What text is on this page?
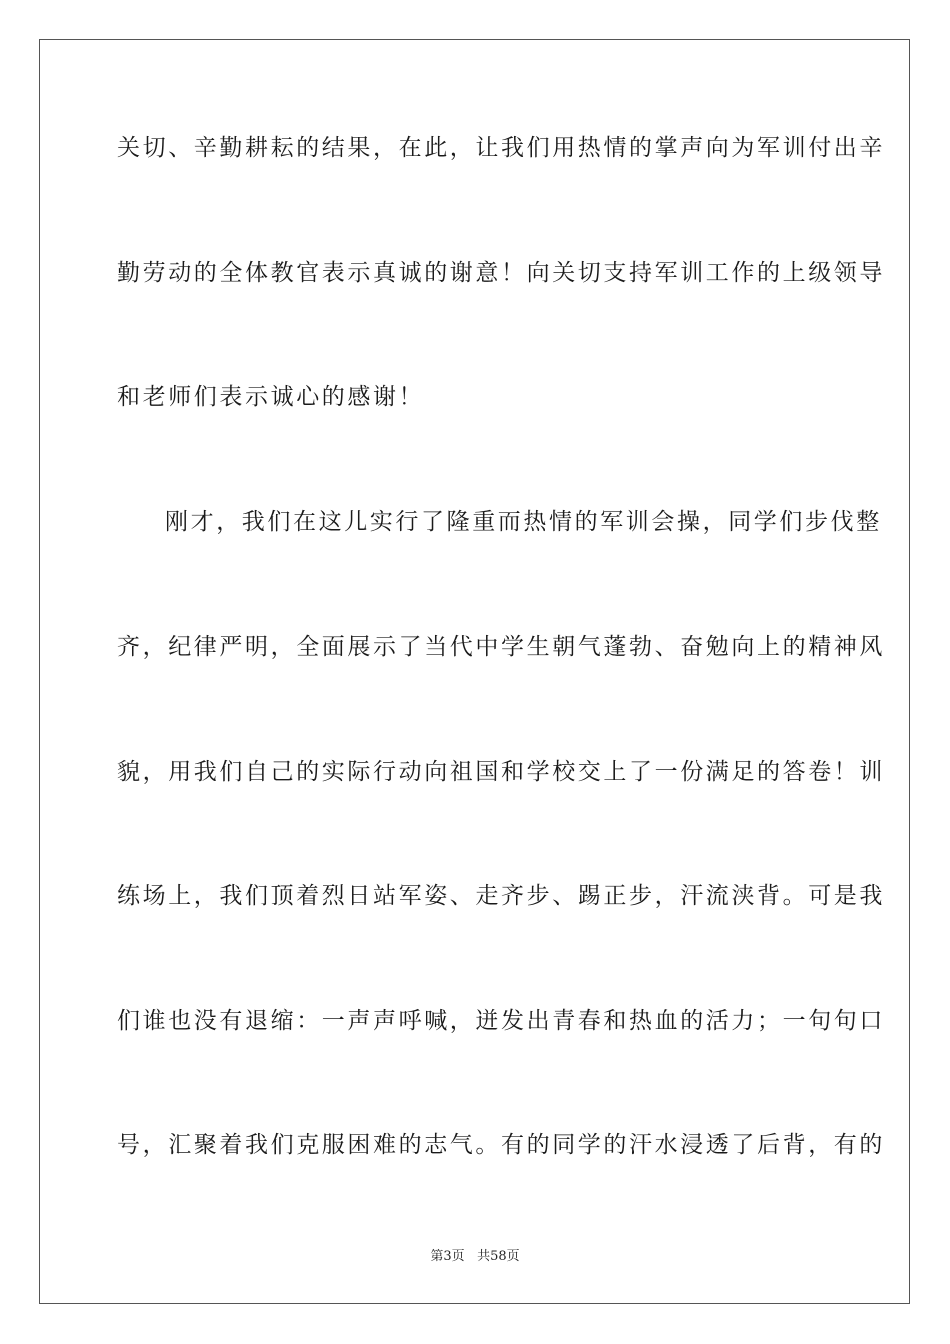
关切、辛勤耕耘的结果，在此，让我们用热情的掌声向为军训付出辛
勤劳动的全体教官表示真诚的谢意！向关切支持军训工作的上级领导
和老师们表示诚心的感谢！
刚才，我们在这儿实行了隆重而热情的军训会操，同学们步伐整
齐，纪律严明，全面展示了当代中学生朝气蓬勃、奋勉向上的精神风
貌，用我们自己的实际行动向祖国和学校交上了一份满足的答卷！训
练场上，我们顶着烈日站军姿、走齐步、踢正步，汗流浃背。可是我
们谁也没有退缩：一声声呼喊，迸发出青春和热血的活力；一句句口
号，汇聚着我们克服困难的志气。有的同学的汗水浸透了后背，有的
第3页 共58页
